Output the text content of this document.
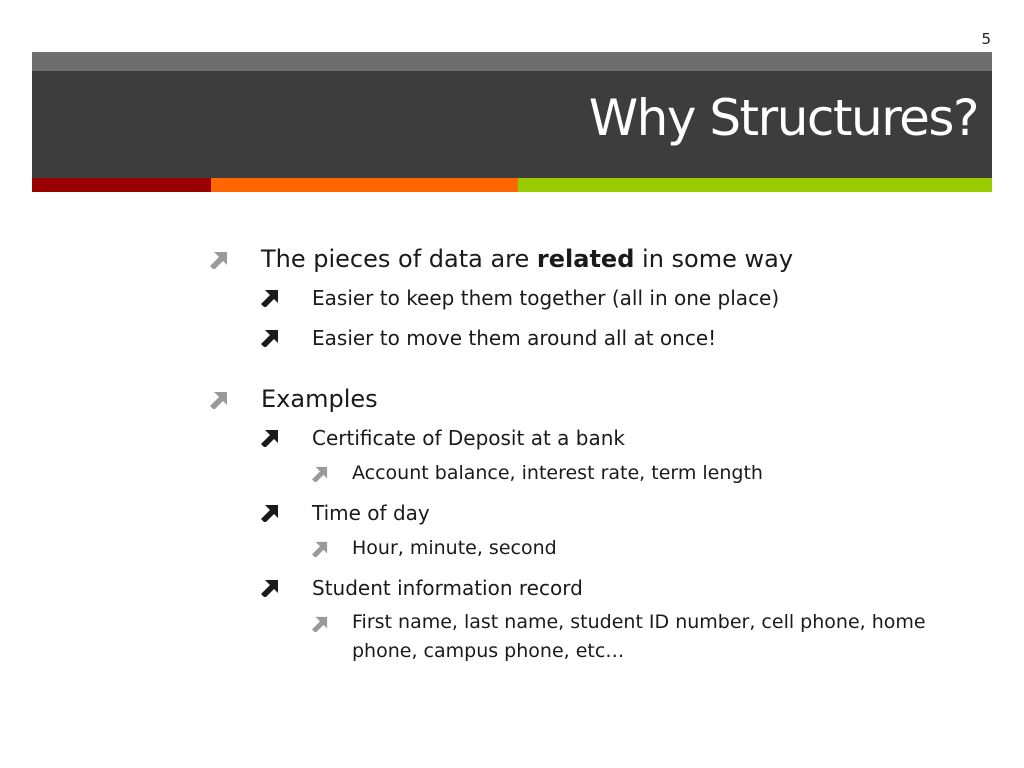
5
Why Structures?
The pieces of data are related in some way
Easier to keep them together (all in one place)
Easier to move them around all at once!
Examples
Certificate of Deposit at a bank
Account balance, interest rate, term length
Time of day
Hour, minute, second
Student information record
First name, last name, student ID number, cell phone, home phone, campus phone, etc…
